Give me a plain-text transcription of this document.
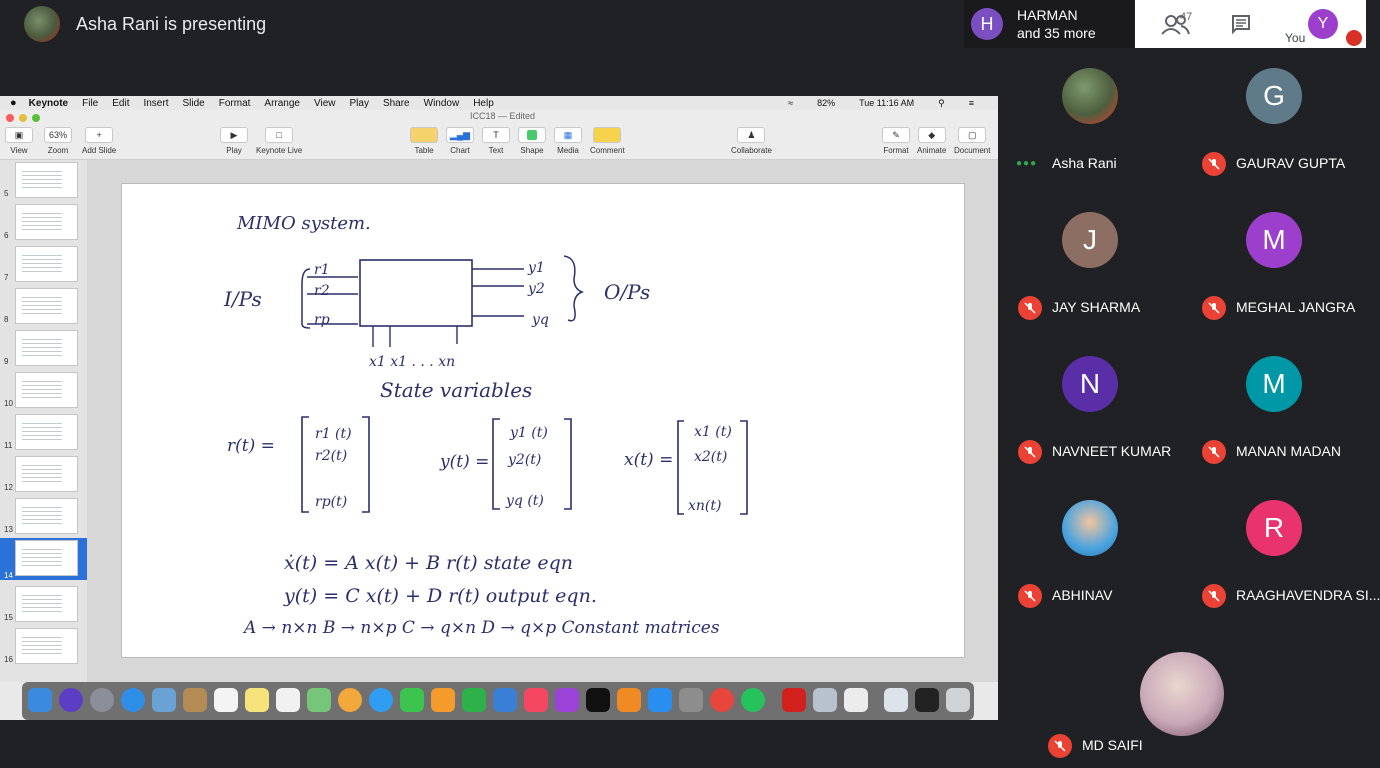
Asha Rani is presenting	H	HARMAN
and 35 more
47	Y
You
● Keynote File Edit Insert Slide Format Arrange View Play Share Window Help	≈	82%	Tue 11:16 AM	⚲	≡
ICC18 — Edited
▣
View
63%
Zoom
+
Add Slide
▶
Play
□
Keynote Live	Table
▂▄▆
Chart
T
Text Shape
▦
Media Comment
♟
Collaborate
✎
Format
◆
Animate
▢
Document
5
6
7
8
9
10
11
12
13
14
15
16
MIMO system.
I/Ps
r1
r2
rp
y1
y2
yq
O/Ps
x1 x1 . . . xn
State variables
r(t) =
r1 (t)
r2(t)
rp(t)
y(t) =
y1 (t)
y2(t)
yq (t)
x(t) =
x1 (t)
x2(t)
xn(t)
ẋ(t) = A x(t) + B r(t) state eqn
y(t) = C x(t) + D r(t) output eqn.
A → n×n B → n×p C → q×n D → q×p Constant matrices
●●● Asha Rani
G
GAURAV GUPTA
J
JAY SHARMA
M
MEGHAL JANGRA
N
NAVNEET KUMAR
M
MANAN MADAN
ABHINAV
R
RAAGHAVENDRA SI...
MD SAIFI
